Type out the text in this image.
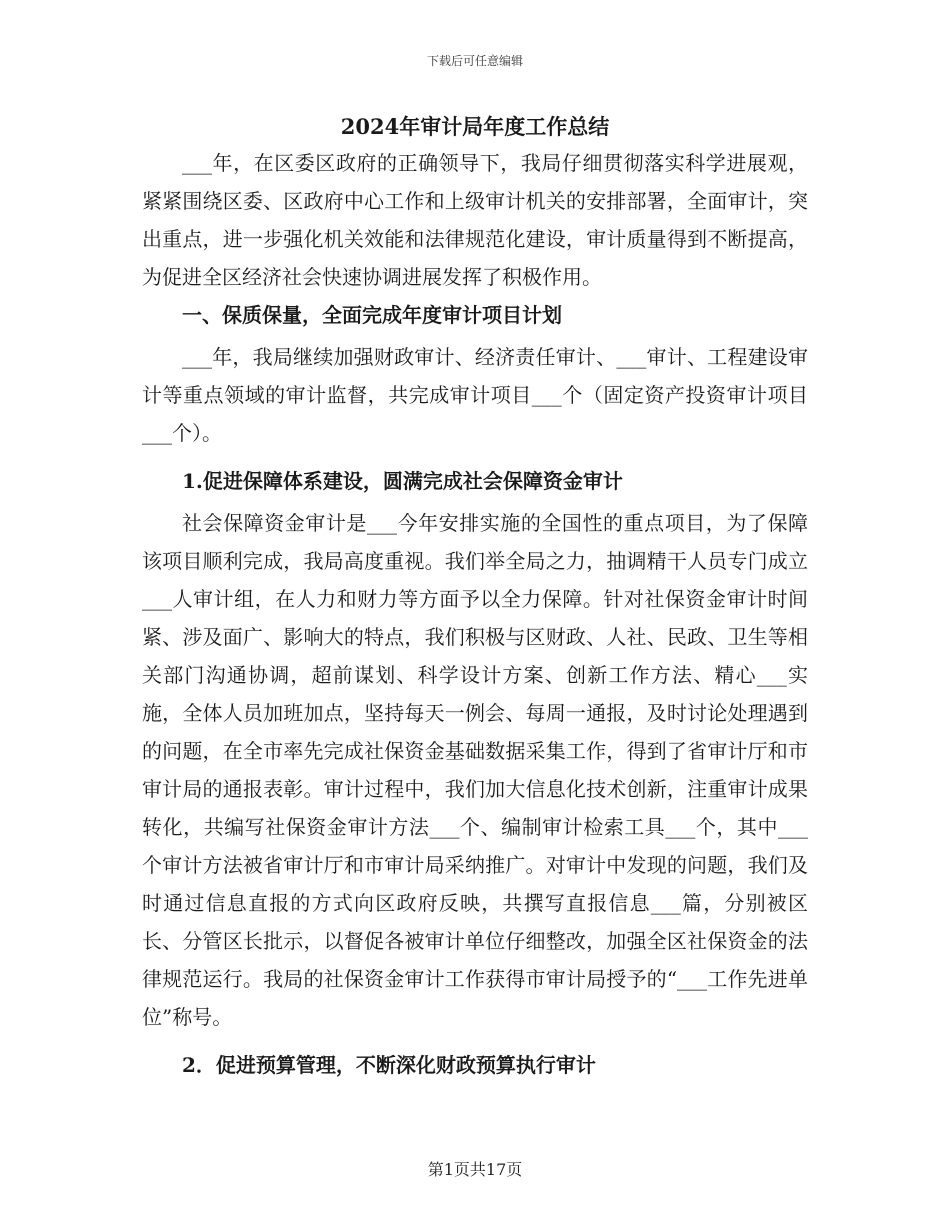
下载后可任意编辑
2024年审计局年度工作总结

___年，在区委区政府的正确领导下，我局仔细贯彻落实科学进展观，紧紧围绕区委、区政府中心工作和上级审计机关的安排部署，全面审计，突出重点，进一步强化机关效能和法律规范化建设，审计质量得到不断提高，为促进全区经济社会快速协调进展发挥了积极作用。

一、保质保量，全面完成年度审计项目计划

___年，我局继续加强财政审计、经济责任审计、___审计、工程建设审计等重点领域的审计监督，共完成审计项目___个（固定资产投资审计项目___个）。

1.促进保障体系建设，圆满完成社会保障资金审计

社会保障资金审计是___今年安排实施的全国性的重点项目，为了保障该项目顺利完成，我局高度重视。我们举全局之力，抽调精干人员专门成立___人审计组，在人力和财力等方面予以全力保障。针对社保资金审计时间紧、涉及面广、影响大的特点，我们积极与区财政、人社、民政、卫生等相关部门沟通协调，超前谋划、科学设计方案、创新工作方法、精心___实施，全体人员加班加点，坚持每天一例会、每周一通报，及时讨论处理遇到的问题，在全市率先完成社保资金基础数据采集工作，得到了省审计厅和市审计局的通报表彰。审计过程中，我们加大信息化技术创新，注重审计成果转化，共编写社保资金审计方法___个、编制审计检索工具___个，其中___个审计方法被省审计厅和市审计局采纳推广。对审计中发现的问题，我们及时通过信息直报的方式向区政府反映，共撰写直报信息___篇，分别被区长、分管区长批示，以督促各被审计单位仔细整改，加强全区社保资金的法律规范运行。我局的社保资金审计工作获得市审计局授予的“___工作先进单位”称号。

2．促进预算管理，不断深化财政预算执行审计

第1页共17页
